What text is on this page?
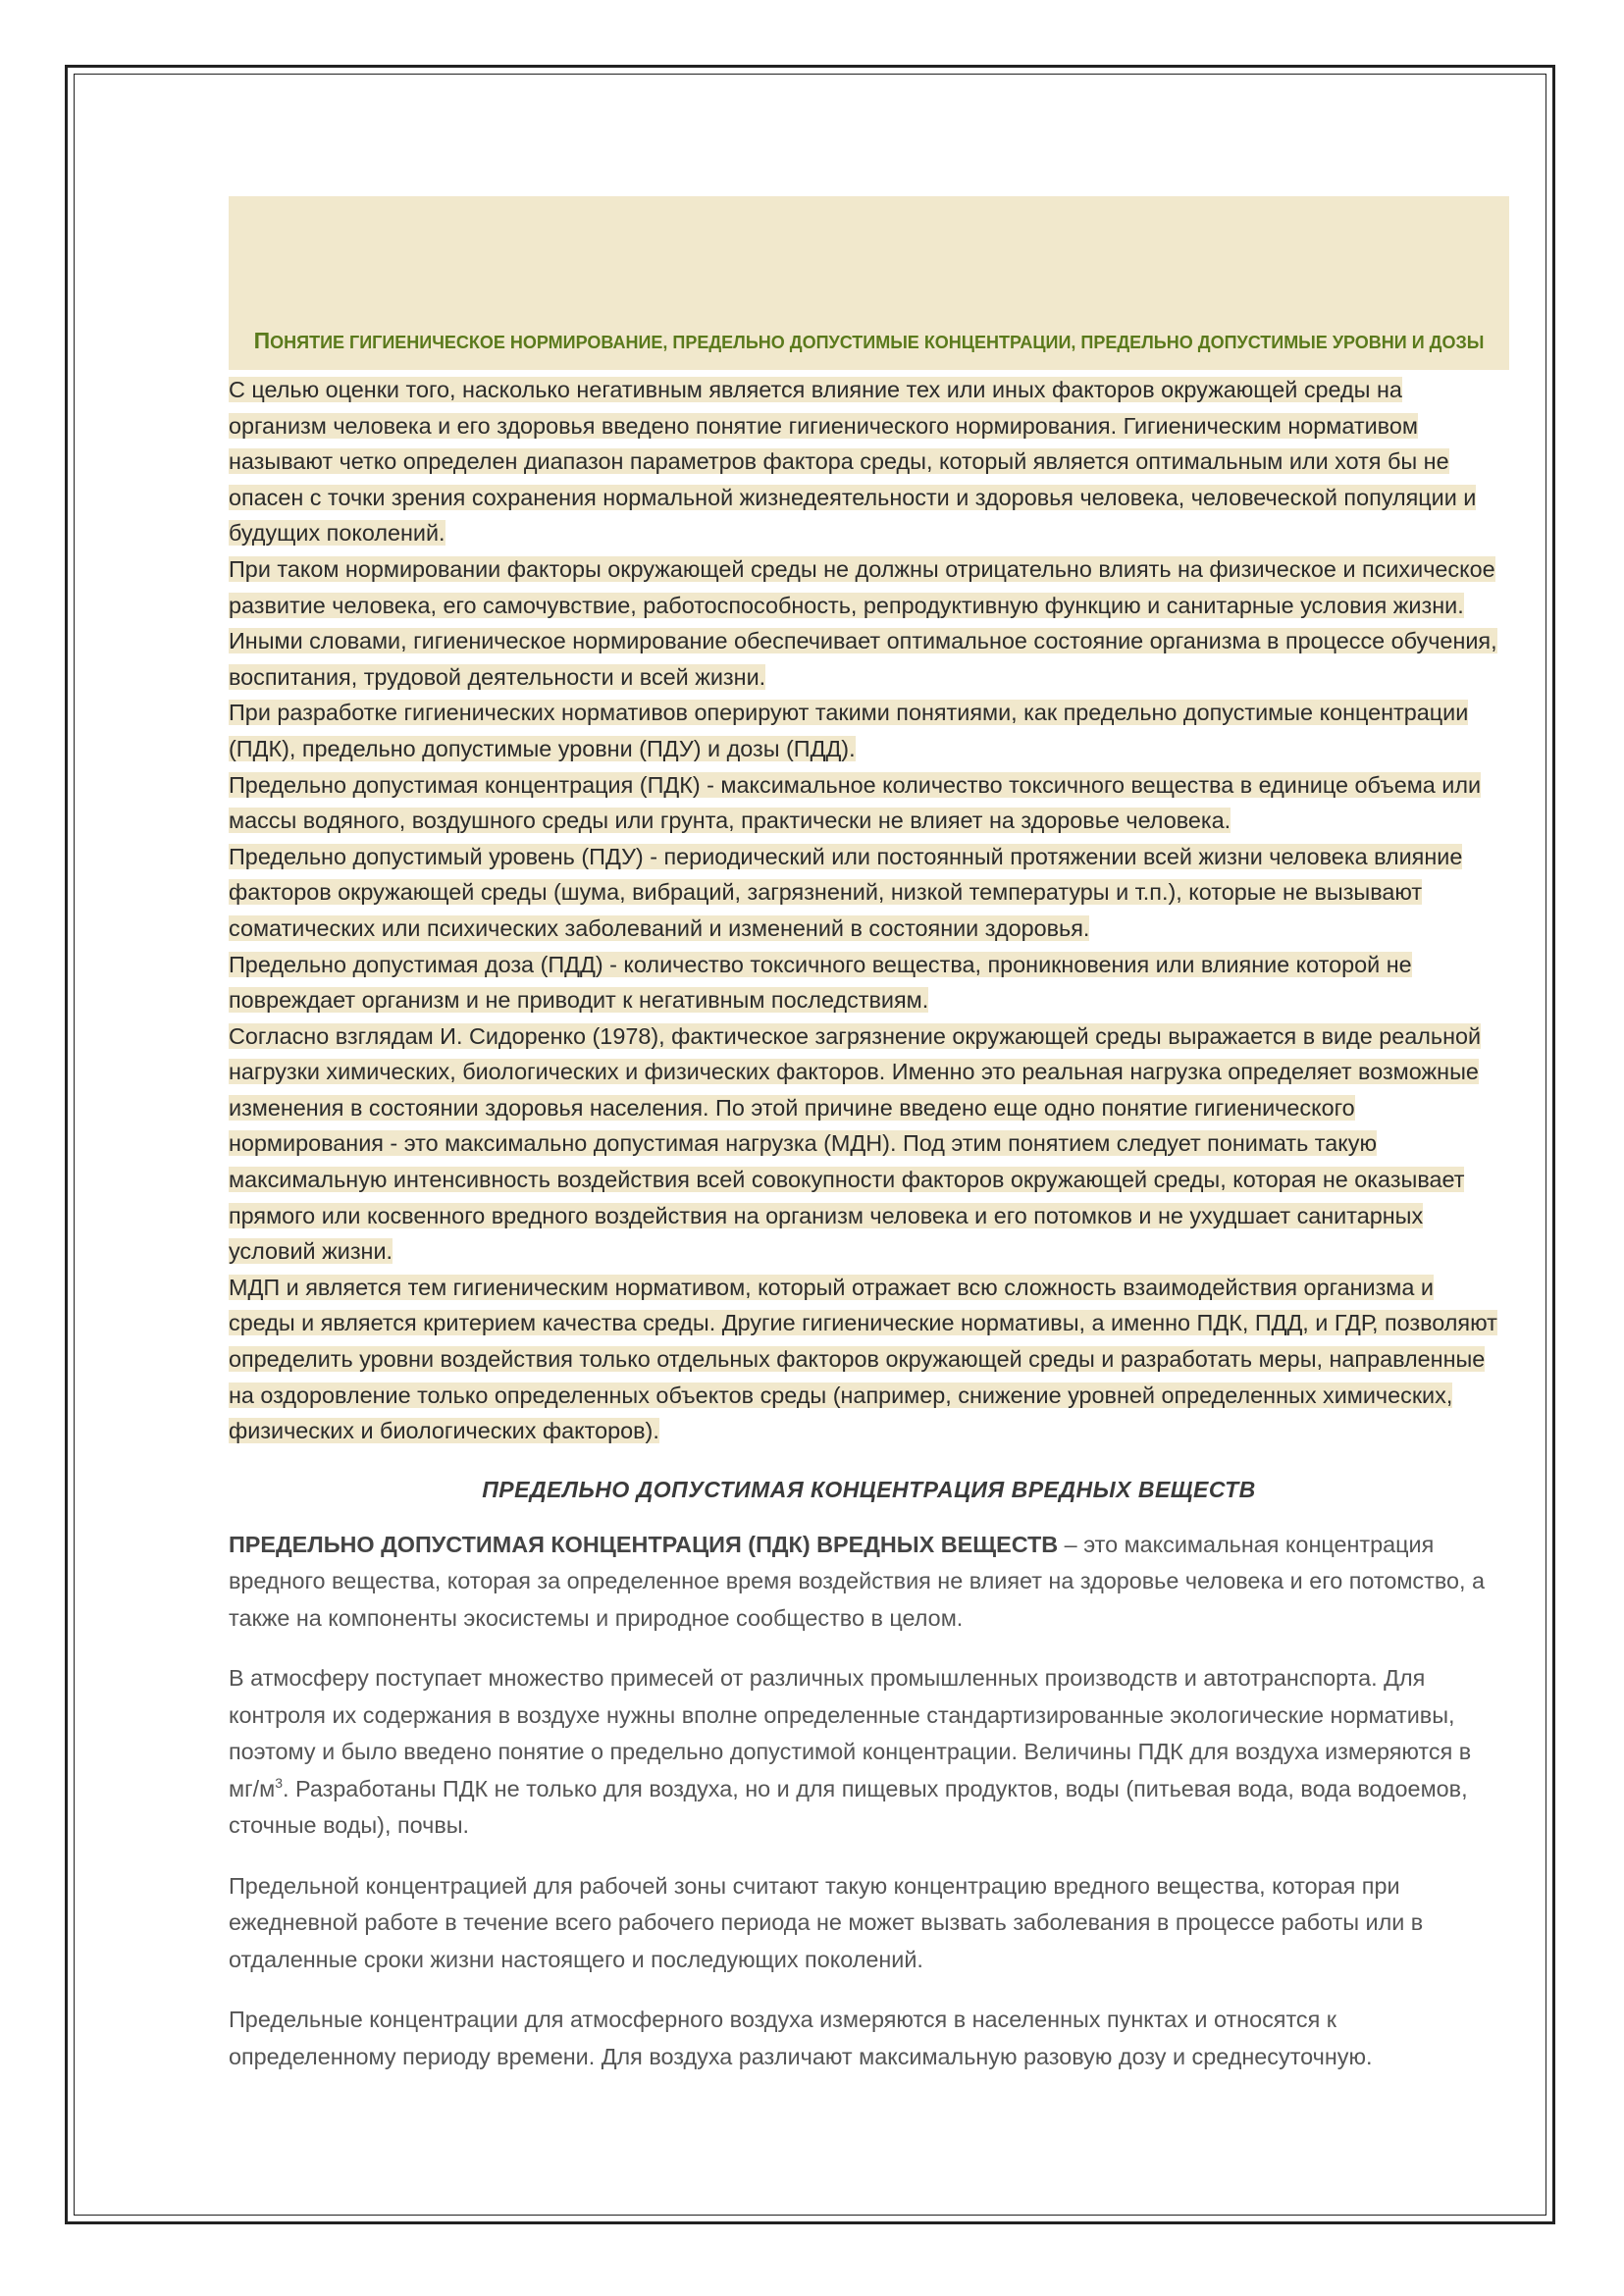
ПОНЯТИЕ ГИГИЕНИЧЕСКОЕ НОРМИРОВАНИЕ, ПРЕДЕЛЬНО ДОПУСТИМЫЕ КОНЦЕНТРАЦИИ, ПРЕДЕЛЬНО ДОПУСТИМЫЕ УРОВНИ И ДОЗЫ

С целью оценки того, насколько негативным является влияние тех или иных факторов окружающей среды на организм человека и его здоровья введено понятие гигиенического нормирования. Гигиеническим нормативом называют четко определен диапазон параметров фактора среды, который является оптимальным или хотя бы не опасен с точки зрения сохранения нормальной жизнедеятельности и здоровья человека, человеческой популяции и будущих поколений.

При таком нормировании факторы окружающей среды не должны отрицательно влиять на физическое и психическое развитие человека, его самочувствие, работоспособность, репродуктивную функцию и санитарные условия жизни. Иными словами, гигиеническое нормирование обеспечивает оптимальное состояние организма в процессе обучения, воспитания, трудовой деятельности и всей жизни.

При разработке гигиенических нормативов оперируют такими понятиями, как предельно допустимые концентрации (ПДК), предельно допустимые уровни (ПДУ) и дозы (ПДД).

Предельно допустимая концентрация (ПДК) - максимальное количество токсичного вещества в единице объема или массы водяного, воздушного среды или грунта, практически не влияет на здоровье человека.

Предельно допустимый уровень (ПДУ) - периодический или постоянный протяжении всей жизни человека влияние факторов окружающей среды (шума, вибраций, загрязнений, низкой температуры и т.п.), которые не вызывают соматических или психических заболеваний и изменений в состоянии здоровья.

Предельно допустимая доза (ПДД) - количество токсичного вещества, проникновения или влияние которой не повреждает организм и не приводит к негативным последствиям.

Согласно взглядам И. Сидоренко (1978), фактическое загрязнение окружающей среды выражается в виде реальной нагрузки химических, биологических и физических факторов. Именно это реальная нагрузка определяет возможные изменения в состоянии здоровья населения. По этой причине введено еще одно понятие гигиенического нормирования - это максимально допустимая нагрузка (МДН). Под этим понятием следует понимать такую максимальную интенсивность воздействия всей совокупности факторов окружающей среды, которая не оказывает прямого или косвенного вредного воздействия на организм человека и его потомков и не ухудшает санитарных условий жизни.

МДП и является тем гигиеническим нормативом, который отражает всю сложность взаимодействия организма и среды и является критерием качества среды. Другие гигиенические нормативы, а именно ПДК, ПДД, и ГДР, позволяют определить уровни воздействия только отдельных факторов окружающей среды и разработать меры, направленные на оздоровление только определенных объектов среды (например, снижение уровней определенных химических, физических и биологических факторов).

ПРЕДЕЛЬНО ДОПУСТИМАЯ КОНЦЕНТРАЦИЯ ВРЕДНЫХ ВЕЩЕСТВ

ПРЕДЕЛЬНО ДОПУСТИМАЯ КОНЦЕНТРАЦИЯ (ПДК) ВРЕДНЫХ ВЕЩЕСТВ – это максимальная концентрация вредного вещества, которая за определенное время воздействия не влияет на здоровье человека и его потомство, а также на компоненты экосистемы и природное сообщество в целом.

В атмосферу поступает множество примесей от различных промышленных производств и автотранспорта. Для контроля их содержания в воздухе нужны вполне определенные стандартизированные экологические нормативы, поэтому и было введено понятие о предельно допустимой концентрации. Величины ПДК для воздуха измеряются в $мг/м^3$. Разработаны ПДК не только для воздуха, но и для пищевых продуктов, воды (питьевая вода, вода водоемов, сточные воды), почвы.

Предельной концентрацией для рабочей зоны считают такую концентрацию вредного вещества, которая при ежедневной работе в течение всего рабочего периода не может вызвать заболевания в процессе работы или в отдаленные сроки жизни настоящего и последующих поколений.

Предельные концентрации для атмосферного воздуха измеряются в населенных пунктах и относятся к определенному периоду времени. Для воздуха различают максимальную разовую дозу и среднесуточную.
